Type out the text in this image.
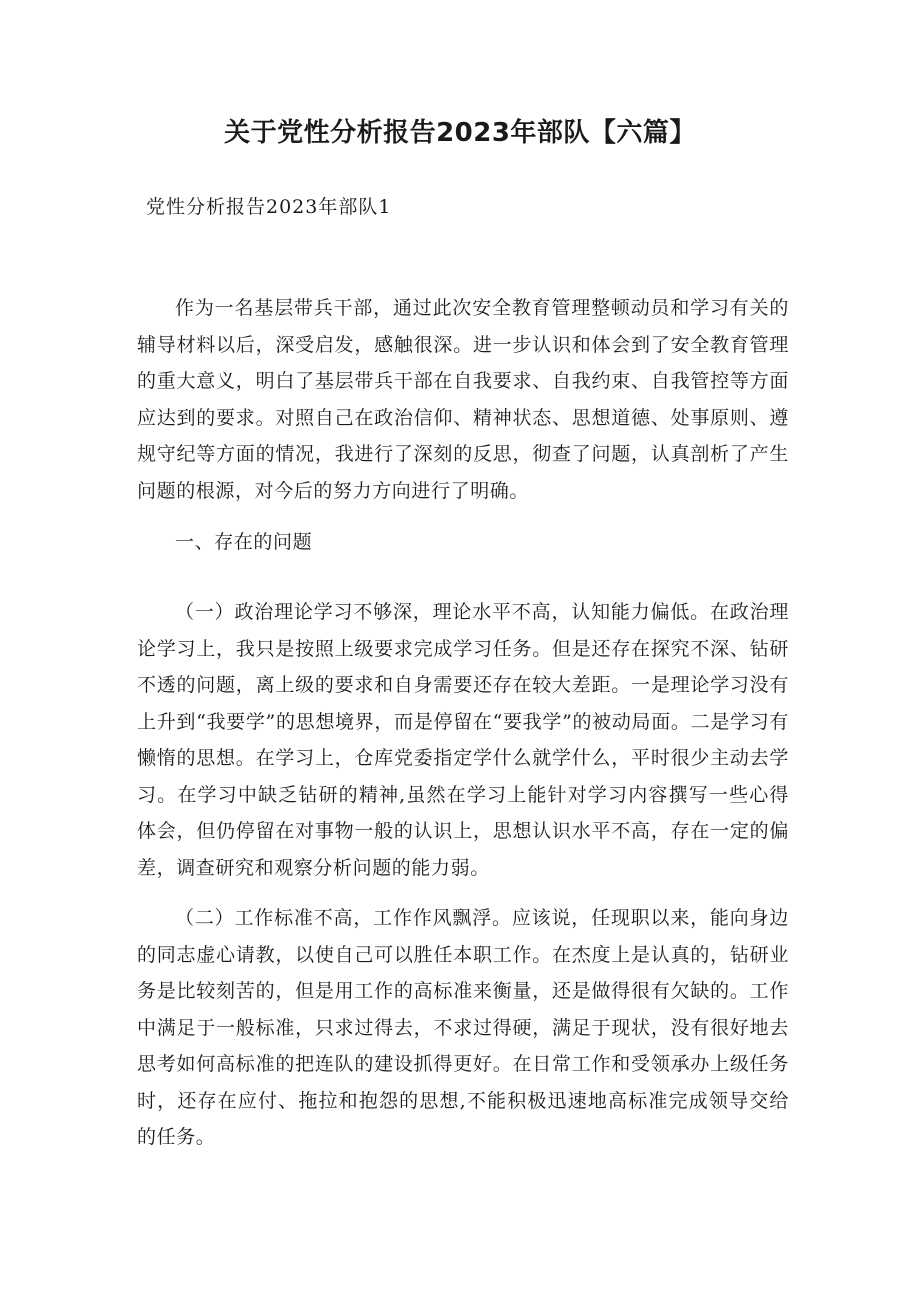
关于党性分析报告2023年部队【六篇】

党性分析报告2023年部队1

作为一名基层带兵干部，通过此次安全教育管理整顿动员和学习有关的辅导材料以后，深受启发，感触很深。进一步认识和体会到了安全教育管理的重大意义，明白了基层带兵干部在自我要求、自我约束、自我管控等方面应达到的要求。对照自己在政治信仰、精神状态、思想道德、处事原则、遵规守纪等方面的情况，我进行了深刻的反思，彻查了问题，认真剖析了产生问题的根源，对今后的努力方向进行了明确。

一、存在的问题

（一）政治理论学习不够深，理论水平不高，认知能力偏低。在政治理论学习上，我只是按照上级要求完成学习任务。但是还存在探究不深、钻研不透的问题，离上级的要求和自身需要还存在较大差距。一是理论学习没有上升到“我要学”的思想境界，而是停留在“要我学”的被动局面。二是学习有懒惰的思想。在学习上，仓库党委指定学什么就学什么，平时很少主动去学习。在学习中缺乏钻研的精神,虽然在学习上能针对学习内容撰写一些心得体会，但仍停留在对事物一般的认识上，思想认识水平不高，存在一定的偏差，调查研究和观察分析问题的能力弱。

（二）工作标准不高，工作作风飘浮。应该说，任现职以来，能向身边的同志虚心请教，以使自己可以胜任本职工作。在杰度上是认真的，钻研业务是比较刻苦的，但是用工作的高标准来衡量，还是做得很有欠缺的。工作中满足于一般标准，只求过得去，不求过得硬，满足于现状，没有很好地去思考如何高标准的把连队的建设抓得更好。在日常工作和受领承办上级任务时，还存在应付、拖拉和抱怨的思想,不能积极迅速地高标准完成领导交给的任务。
